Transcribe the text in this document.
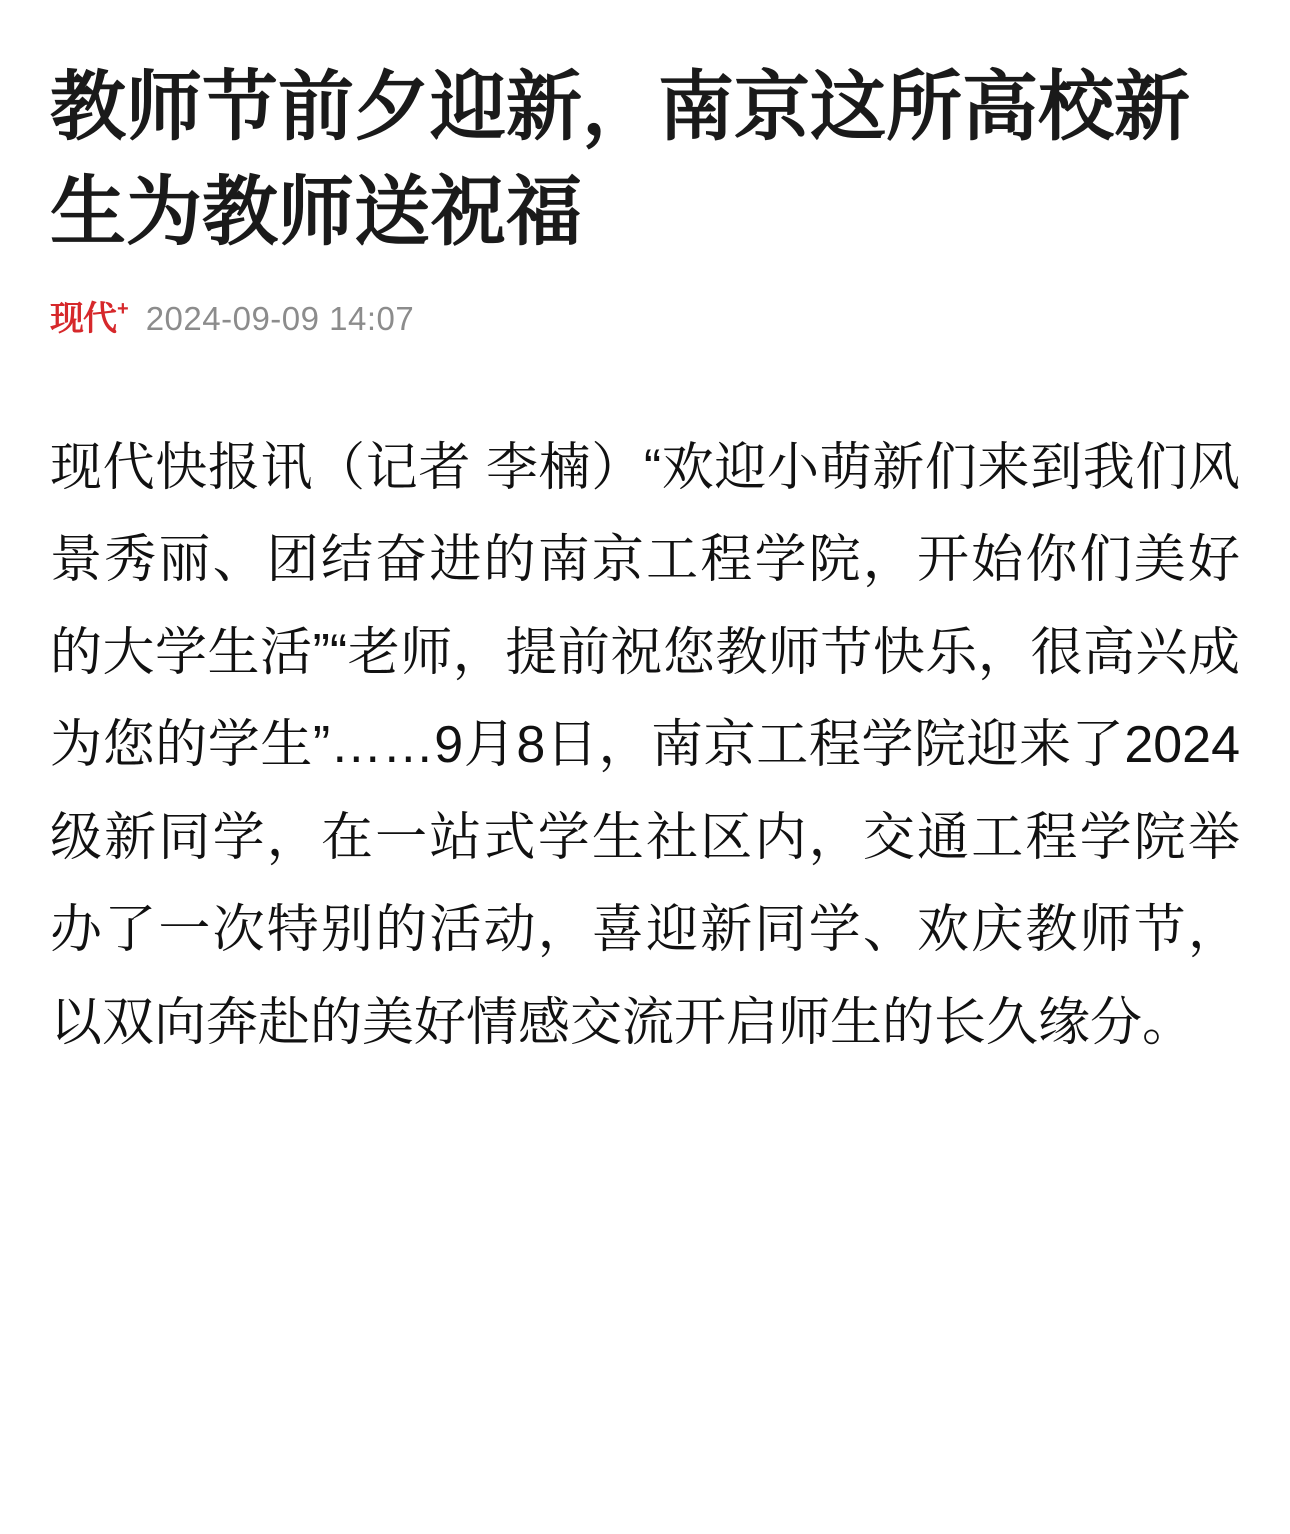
教师节前夕迎新，南京这所高校新生为教师送祝福
现代 + 2024-09-09 14:07

现代快报讯（记者 李楠）“欢迎小萌新们来到我们风景秀丽、团结奋进的南京工程学院，开始你们美好的大学生活”“老师，提前祝您教师节快乐，很高兴成为您的学生”……9月8日，南京工程学院迎来了2024级新同学，在一站式学生社区内，交通工程学院举办了一次特别的活动，喜迎新同学、欢庆教师节，以双向奔赴的美好情感交流开启师生的长久缘分。
